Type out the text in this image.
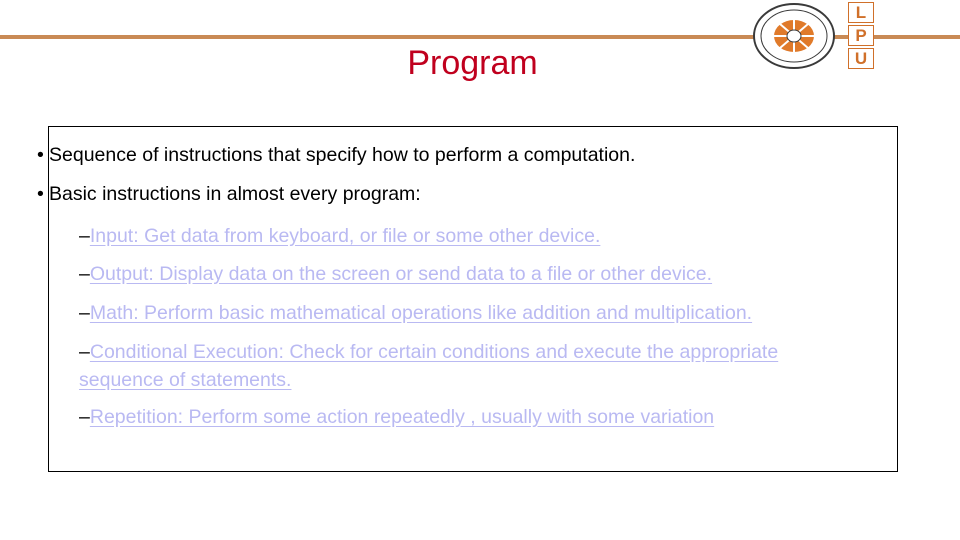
Program
L
P
U
• Sequence of instructions that specify how to perform a computation.
• Basic instructions in almost every program:
–Input: Get data from keyboard, or file or some other device.
–Output: Display data on the screen or send data to a file or other device.
–Math: Perform basic mathematical operations like addition and multiplication.
–Conditional Execution: Check for certain conditions and execute the appropriate
sequence of statements.
–Repetition: Perform some action repeatedly , usually with some variation
